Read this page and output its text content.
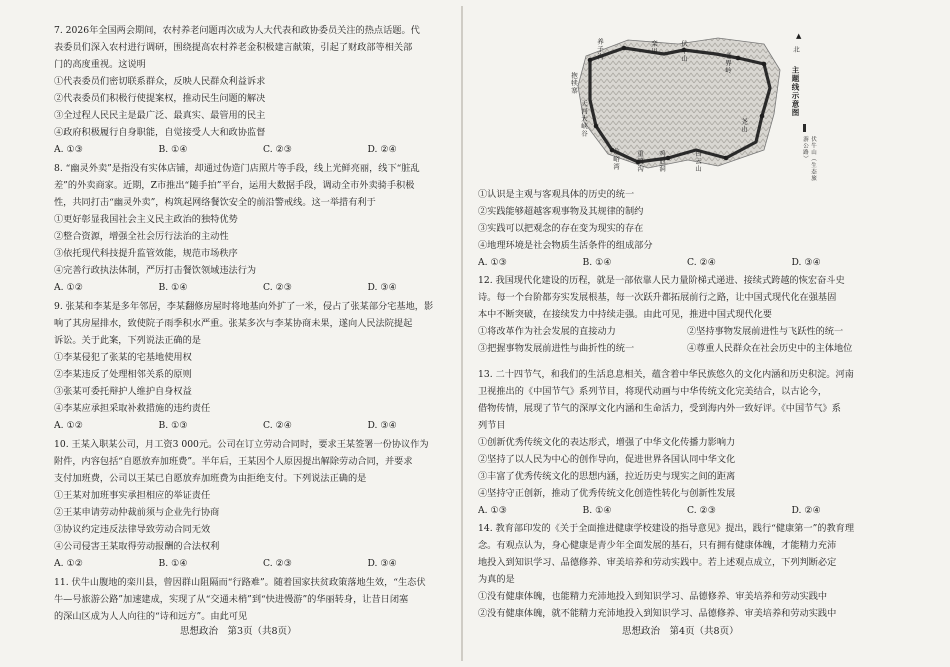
7. 2026年全国两会期间，农村养老问题再次成为人大代表和政协委员关注的热点话题。代
表委员们深入农村进行调研，围绕提高农村养老金积极建言献策，引起了财政部等相关部
门的高度重视。这说明
①代表委员们密切联系群众，反映人民群众利益诉求
②代表委员们积极行使提案权，推动民生问题的解决
③全过程人民民主是最广泛、最真实、最管用的民主
④政府积极履行自身职能，自觉接受人大和政协监督
A. ①③	B. ①④	C. ②③	D. ②④
8. “幽灵外卖”是指没有实体店铺，却通过伪造门店照片等手段，线上光鲜亮丽，线下“脏乱
差”的外卖商家。近期，Z市推出“随手拍”平台，运用大数据手段，调动全市外卖骑手积极
性，共同打击“幽灵外卖”，构筑起网络餐饮安全的前沿警戒线。这一举措有利于
①更好彰显我国社会主义民主政治的独特优势
②整合资源，增强全社会厉行法治的主动性
③依托现代科技提升监管效能，规范市场秩序
④完善行政执法体制，严厉打击餐饮领域违法行为
A. ①②	B. ①④	C. ②③	D. ③④
9. 张某和李某是多年邻居，李某翻修房屋时将地基向外扩了一米，侵占了张某部分宅基地，影
响了其房屋排水，致使院子雨季积水严重。张某多次与李某协商未果，遂向人民法院提起
诉讼。关于此案，下列说法正确的是
①李某侵犯了张某的宅基地使用权
②李某违反了处理相邻关系的原则
③张某可委托辩护人维护自身权益
④李某应承担采取补救措施的违约责任
A. ①②	B. ①③	C. ②④	D. ③④
10. 王某入职某公司，月工资3 000元。公司在订立劳动合同时，要求王某签署一份协议作为
附件，内容包括“自愿放弃加班费”。半年后，王某因个人原因提出解除劳动合同，并要求
支付加班费，公司以王某已自愿放弃加班费为由拒绝支付。下列说法正确的是
①王某对加班事实承担相应的举证责任
②王某申请劳动仲裁前须与企业先行协商
③协议约定违反法律导致劳动合同无效
④公司侵害王某取得劳动报酬的合法权利
A. ①②	B. ①④	C. ②③	D. ③④
11. 伏牛山腹地的栾川县，曾因群山阻隔而“行路难”。随着国家扶贫政策落地生效，“生态伏
牛—号旅游公路”加速建成，实现了从“交通未梢”到“快进慢游”的华丽转身，让昔日闭塞
的深山区成为人人向往的“诗和远方”。由此可见
思想政治　第3页（共8页）
抱犊寨
天河大峡谷
龙峪湾 重渡沟 鸡冠洞	白云山
尧山
老界岭
养子沟	栾川	伏牛山
▲
北
主题线示意图
伏牛山（生态旅游公路）
①认识是主观与客观具体的历史的统一
②实践能够超越客观事物及其规律的制约
③实践可以把观念的存在变为现实的存在
④地理环境是社会物质生活条件的组成部分
A. ①③	B. ①④	C. ②④	D. ③④
12. 我国现代化建设的历程，就是一部依靠人民力量阶梯式递进、接续式跨越的恢宏奋斗史
诗。每一个台阶都夯实发展根基，每一次跃升都拓展前行之路，让中国式现代化在强基固
本中不断突破，在接续发力中持续走强。由此可见，推进中国式现代化要
①将改革作为社会发展的直接动力	②坚持事物发展前进性与飞跃性的统一
③把握事物发展前进性与曲折性的统一	④尊重人民群众在社会历史中的主体地位
13. 二十四节气，和我们的生活息息相关，蕴含着中华民族悠久的文化内涵和历史积淀。河南
卫视推出的《中国节气》系列节目，将现代动画与中华传统文化完美结合，以古论今，
借物传情，展现了节气的深厚文化内涵和生命活力，受到海内外一致好评。《中国节气》系
列节目
①创新优秀传统文化的表达形式，增强了中华文化传播力影响力
②坚持了以人民为中心的创作导向，促进世界各国认同中华文化
③丰富了优秀传统文化的思想内涵，拉近历史与现实之间的距离
④坚持守正创新，推动了优秀传统文化创造性转化与创新性发展
A. ①③	B. ①④	C. ②③	D. ②④
14. 教育部印发的《关于全面推进健康学校建设的指导意见》提出，践行“健康第一”的教育理
念。有观点认为，身心健康是青少年全面发展的基石，只有拥有健康体魄，才能精力充沛
地投入到知识学习、品德修养、审美培养和劳动实践中。若上述观点成立，下列判断必定
为真的是
①没有健康体魄，也能精力充沛地投入到知识学习、品德修养、审美培养和劳动实践中
②没有健康体魄，就不能精力充沛地投入到知识学习、品德修养、审美培养和劳动实践中
思想政治　第4页（共8页）
